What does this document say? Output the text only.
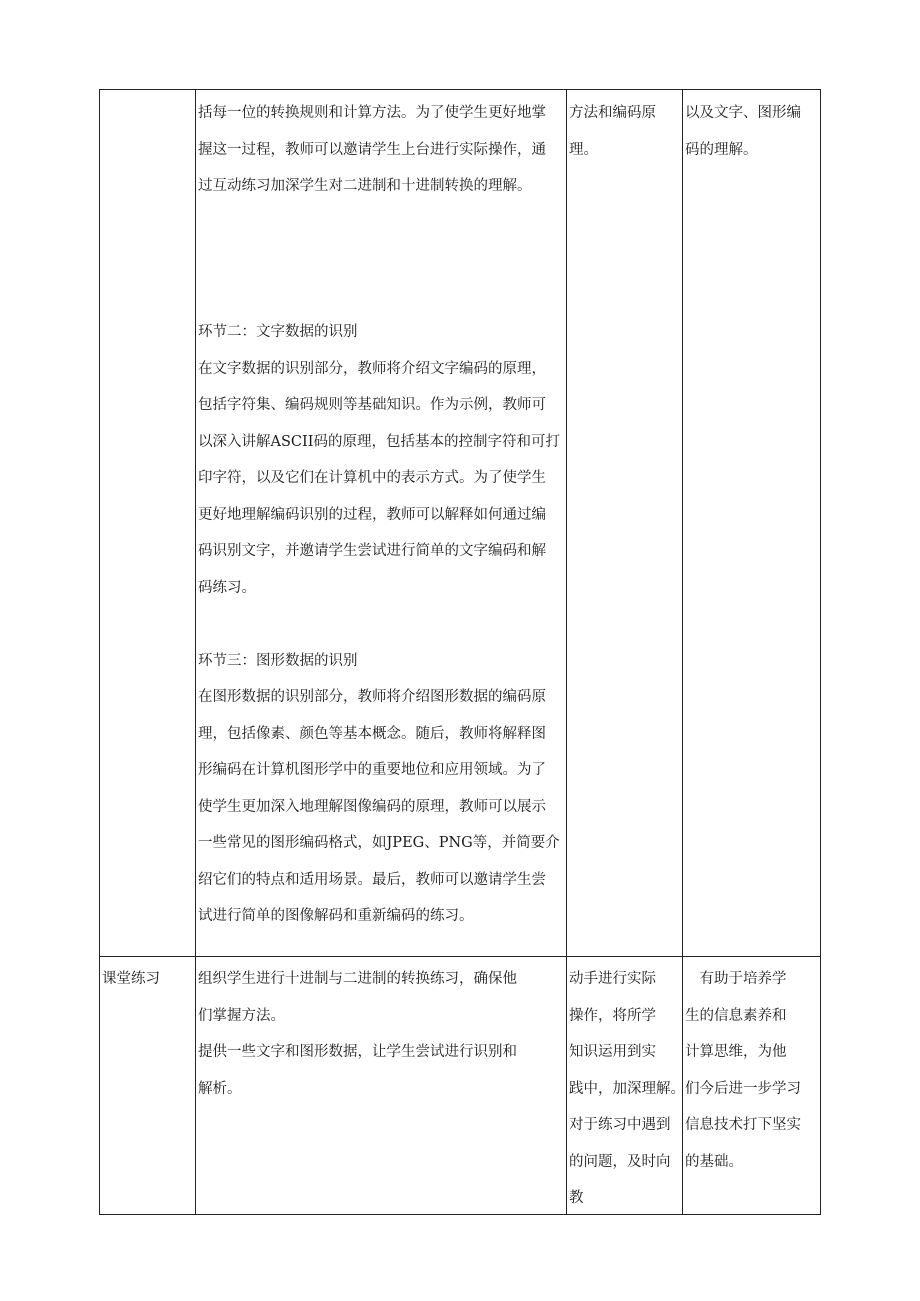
括每一位的转换规则和计算方法。为了使学生更好地掌
握这一过程，教师可以邀请学生上台进行实际操作，通
过互动练习加深学生对二进制和十进制转换的理解。
环节二：文字数据的识别
在文字数据的识别部分，教师将介绍文字编码的原理，
包括字符集、编码规则等基础知识。作为示例，教师可
以深入讲解ASCII码的原理，包括基本的控制字符和可打
印字符，以及它们在计算机中的表示方式。为了使学生
更好地理解编码识别的过程，教师可以解释如何通过编
码识别文字，并邀请学生尝试进行简单的文字编码和解
码练习。
环节三：图形数据的识别
在图形数据的识别部分，教师将介绍图形数据的编码原
理，包括像素、颜色等基本概念。随后，教师将解释图
形编码在计算机图形学中的重要地位和应用领域。为了
使学生更加深入地理解图像编码的原理，教师可以展示
一些常见的图形编码格式，如JPEG、PNG等，并简要介
绍它们的特点和适用场景。最后，教师可以邀请学生尝
试进行简单的图像解码和重新编码的练习。
方法和编码原
理。
以及文字、图形编
码的理解。
课堂练习	组织学生进行十进制与二进制的转换练习，确保他
们掌握方法。
提供一些文字和图形数据，让学生尝试进行识别和
解析。
动手进行实际
操作，将所学
知识运用到实
践中，加深理解。
对于练习中遇到
的问题，及时向
教
　有助于培养学
生的信息素养和
计算思维，为他
们今后进一步学习
信息技术打下坚实
的基础。
